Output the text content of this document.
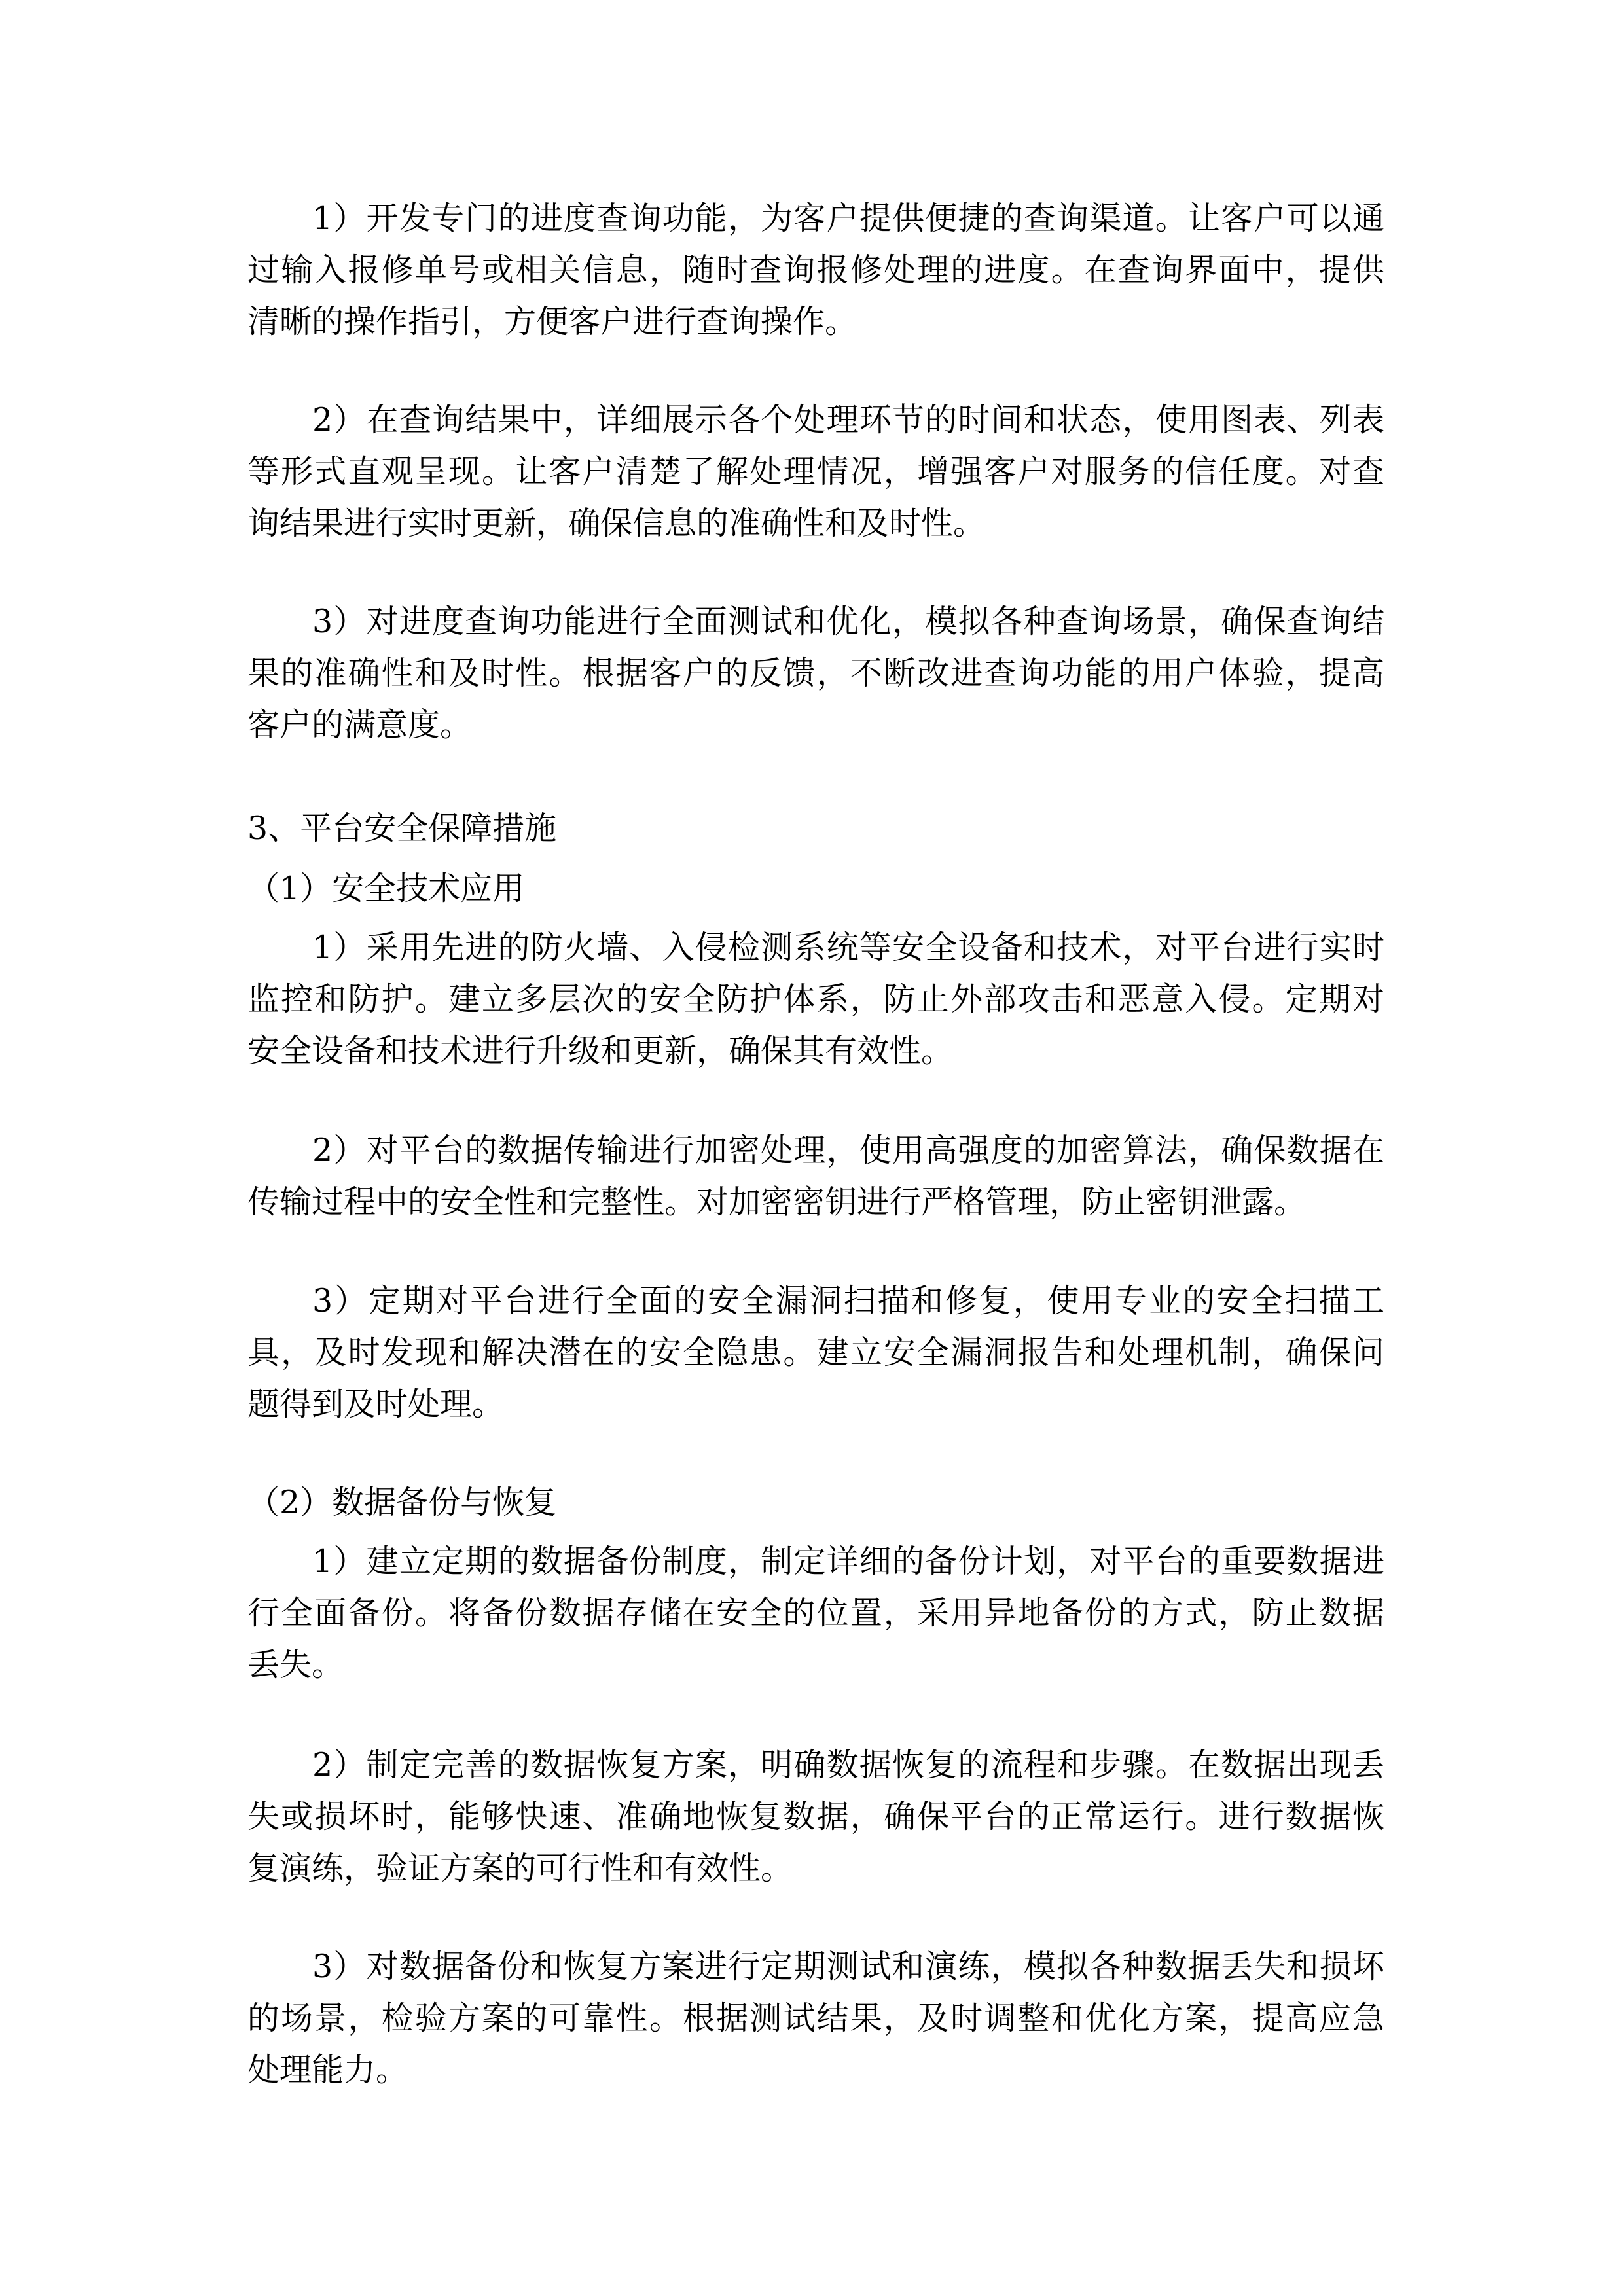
1）开发专门的进度查询功能，为客户提供便捷的查询渠道。让客户可以通
过输入报修单号或相关信息，随时查询报修处理的进度。在查询界面中，提供
清晰的操作指引，方便客户进行查询操作。
2）在查询结果中，详细展示各个处理环节的时间和状态，使用图表、列表
等形式直观呈现。让客户清楚了解处理情况，增强客户对服务的信任度。对查
询结果进行实时更新，确保信息的准确性和及时性。
3）对进度查询功能进行全面测试和优化，模拟各种查询场景，确保查询结
果的准确性和及时性。根据客户的反馈，不断改进查询功能的用户体验，提高
客户的满意度。
3、平台安全保障措施
（1）安全技术应用
1）采用先进的防火墙、入侵检测系统等安全设备和技术，对平台进行实时
监控和防护。建立多层次的安全防护体系，防止外部攻击和恶意入侵。定期对
安全设备和技术进行升级和更新，确保其有效性。
2）对平台的数据传输进行加密处理，使用高强度的加密算法，确保数据在
传输过程中的安全性和完整性。对加密密钥进行严格管理，防止密钥泄露。
3）定期对平台进行全面的安全漏洞扫描和修复，使用专业的安全扫描工
具，及时发现和解决潜在的安全隐患。建立安全漏洞报告和处理机制，确保问
题得到及时处理。
（2）数据备份与恢复
1）建立定期的数据备份制度，制定详细的备份计划，对平台的重要数据进
行全面备份。将备份数据存储在安全的位置，采用异地备份的方式，防止数据
丢失。
2）制定完善的数据恢复方案，明确数据恢复的流程和步骤。在数据出现丢
失或损坏时，能够快速、准确地恢复数据，确保平台的正常运行。进行数据恢
复演练，验证方案的可行性和有效性。
3）对数据备份和恢复方案进行定期测试和演练，模拟各种数据丢失和损坏
的场景，检验方案的可靠性。根据测试结果，及时调整和优化方案，提高应急
处理能力。
